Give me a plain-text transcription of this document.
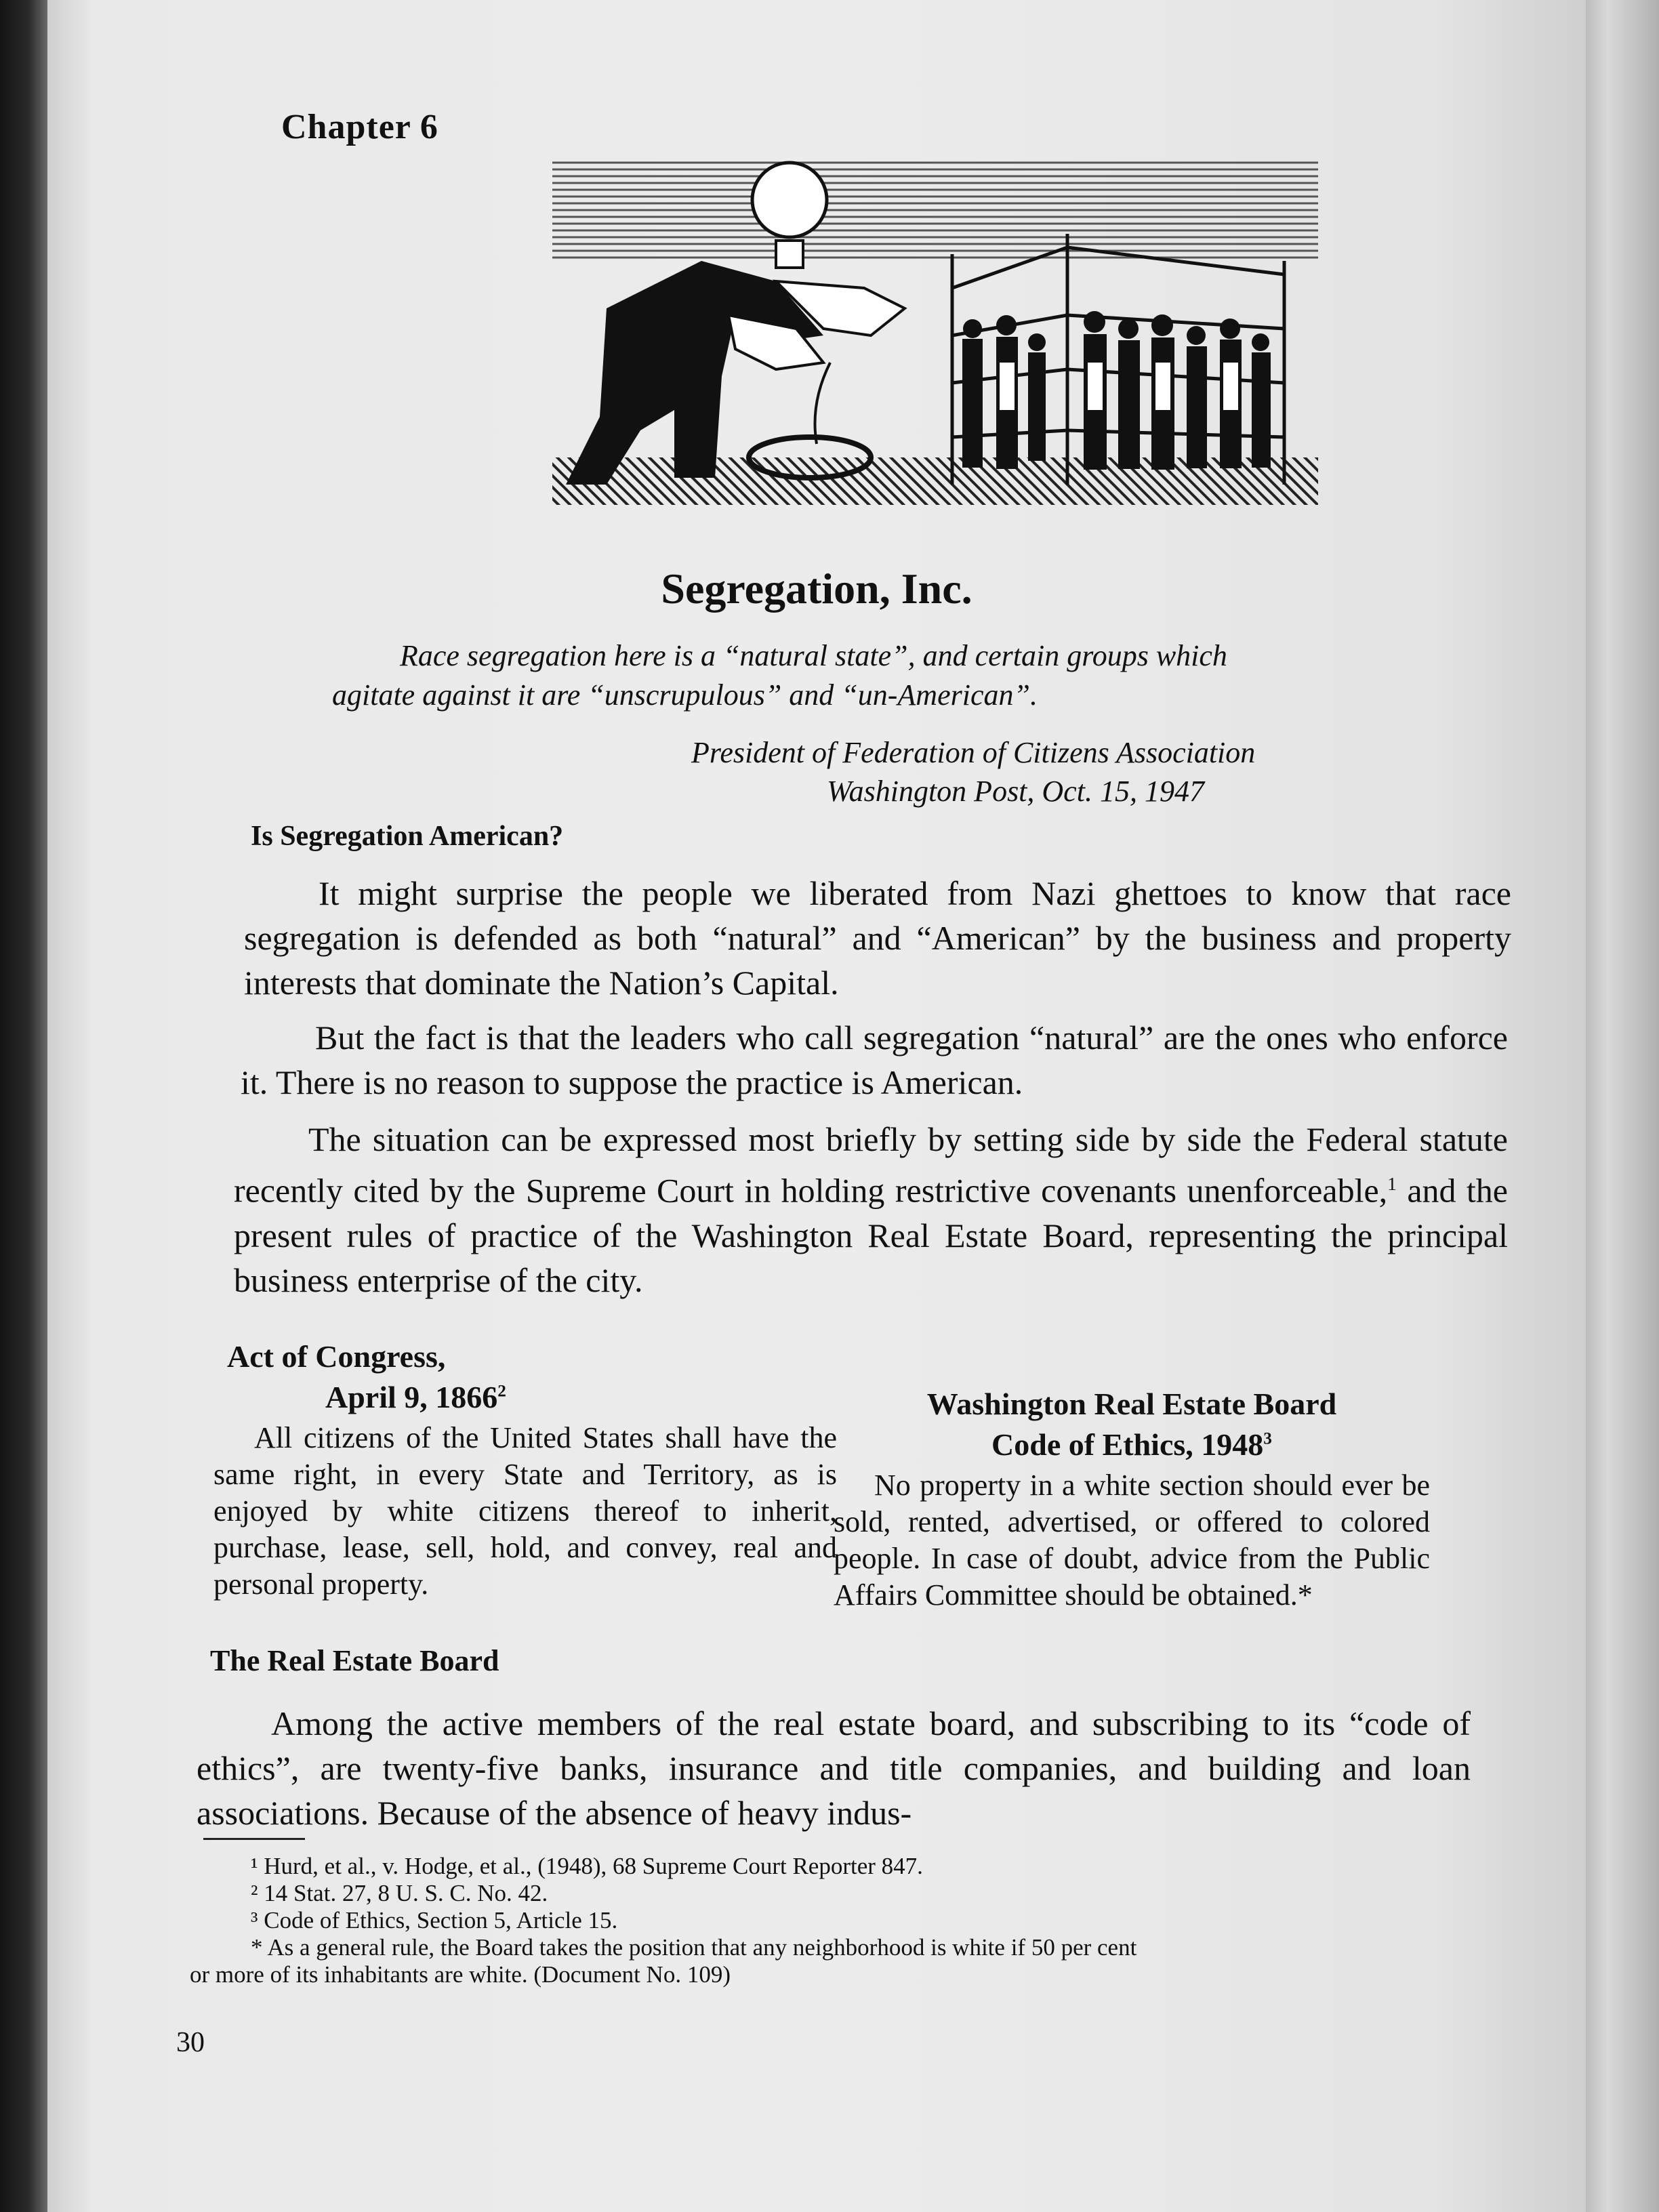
Chapter 6
Segregation, Inc.
Race segregation here is a “natural state”, and certain groups which
agitate against it are “unscrupulous” and “un-American”.
President of Federation of Citizens Association
Washington Post, Oct. 15, 1947
Is Segregation American?
It might surprise the people we liberated from Nazi ghettoes to know that race segregation is defended as both “natural” and “American” by the business and property interests that dominate the Nation’s Capital.
But the fact is that the leaders who call segregation “natural” are the ones who enforce it. There is no reason to suppose the practice is American.
The situation can be expressed most briefly by setting side by side the Federal statute recently cited by the Supreme Court in holding restrictive covenants unenforceable,$^1$ and the present rules of practice of the Washington Real Estate Board, representing the principal business enterprise of the city.
Act of Congress,
April 9, 1866$^2$
All citizens of the United States shall have the same right, in every State and Territory, as is enjoyed by white citizens thereof to inherit, purchase, lease, sell, hold, and convey, real and personal property.
Washington Real Estate Board
Code of Ethics, 1948$^3$
No property in a white section should ever be sold, rented, advertised, or offered to colored people. In case of doubt, advice from the Public Affairs Committee should be obtained.*
The Real Estate Board
Among the active members of the real estate board, and subscribing to its “code of ethics”, are twenty-five banks, insurance and title companies, and building and loan associations. Because of the absence of heavy indus-
¹ Hurd, et al., v. Hodge, et al., (1948), 68 Supreme Court Reporter 847.
² 14 Stat. 27, 8 U. S. C. No. 42.
³ Code of Ethics, Section 5, Article 15.
* As a general rule, the Board takes the position that any neighborhood is white if 50 per cent
or more of its inhabitants are white. (Document No. 109)
30
